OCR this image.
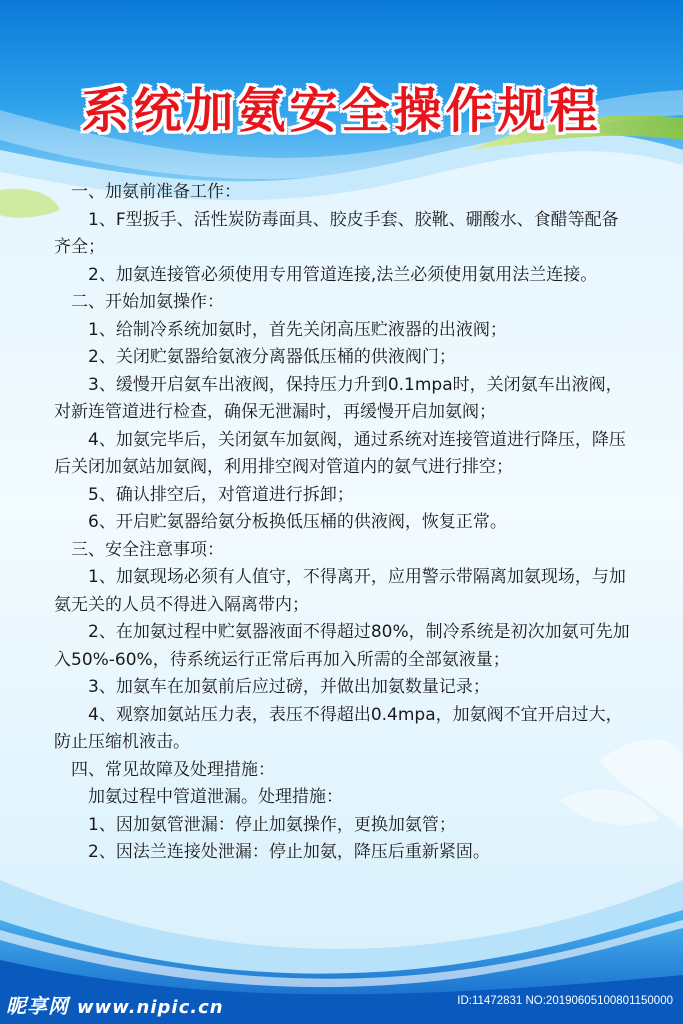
系统加氨安全操作规程

一、加氨前准备工作：

1、F型扳手、活性炭防毒面具、胶皮手套、胶靴、硼酸水、食醋等配备齐全；

2、加氨连接管必须使用专用管道连接,法兰必须使用氨用法兰连接。

二、开始加氨操作：

1、给制冷系统加氨时，首先关闭高压贮液器的出液阀；

2、关闭贮氨器给氨液分离器低压桶的供液阀门；

3、缓慢开启氨车出液阀，保持压力升到0.1mpa时，关闭氨车出液阀，对新连管道进行检查，确保无泄漏时，再缓慢开启加氨阀；

4、加氨完毕后，关闭氨车加氨阀，通过系统对连接管道进行降压，降压后关闭加氨站加氨阀，利用排空阀对管道内的氨气进行排空；

5、确认排空后，对管道进行拆卸；

6、开启贮氨器给氨分板换低压桶的供液阀，恢复正常。

三、安全注意事项：

1、加氨现场必须有人值守，不得离开，应用警示带隔离加氨现场，与加氨无关的人员不得进入隔离带内；

2、在加氨过程中贮氨器液面不得超过80%，制冷系统是初次加氨可先加入50%-60%，待系统运行正常后再加入所需的全部氨液量；

3、加氨车在加氨前后应过磅，并做出加氨数量记录；

4、观察加氨站压力表，表压不得超出0.4mpa，加氨阀不宜开启过大，防止压缩机液击。

四、常见故障及处理措施：

加氨过程中管道泄漏。处理措施：

1、因加氨管泄漏：停止加氨操作，更换加氨管；

2、因法兰连接处泄漏：停止加氨，降压后重新紧固。

昵享网 www.nipic.cn	ID:11472831 NO:20190605100801150000
